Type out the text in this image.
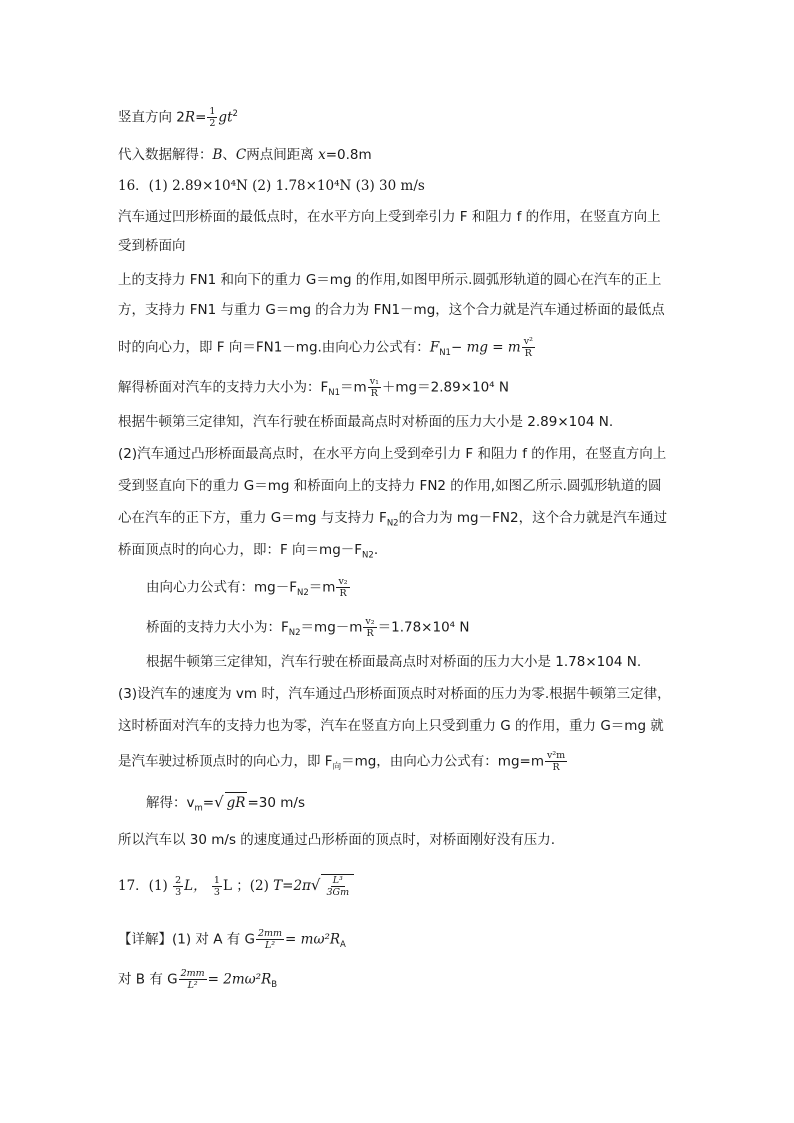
竖直方向 $2R= \frac{1}{2} gt^2$
代入数据解得：B、C两点间距离 x=0.8m
16．(1) 2.89×10⁴N (2) 1.78×10⁴N (3) 30 m/s
汽车通过凹形桥面的最低点时，在水平方向上受到牵引力 F 和阻力 f 的作用，在竖直方向上
受到桥面向
上的支持力 FN1 和向下的重力 G＝mg 的作用,如图甲所示.圆弧形轨道的圆心在汽车的正上
方，支持力 FN1 与重力 G＝mg 的合力为 FN1－mg，这个合力就是汽车通过桥面的最低点
时的向心力，即 F 向＝FN1－mg.由向心力公式有：$F_{N1}-$ mg = m $\frac{\text{v²}}{R}$
解得桥面对汽车的支持力大小为：$F_{N1}=m \frac{\text{v₁}}{R} +mg=2.89\times 10^4$ N
根据牛顿第三定律知，汽车行驶在桥面最高点时对桥面的压力大小是 2.89×104 N.
(2)汽车通过凸形桥面最高点时，在水平方向上受到牵引力 F 和阻力 f 的作用，在竖直方向上
受到竖直向下的重力 G＝mg 和桥面向上的支持力 FN2 的作用,如图乙所示.圆弧形轨道的圆
心在汽车的正下方，重力 G＝mg 与支持力 $F_{N2}$的合力为 mg－FN2，这个合力就是汽车通过
桥面顶点时的向心力，即：F 向$=mg-F_{N2}$.
由向心力公式有：$mg-F_{N2}=m \frac{\text{v₂}}{R}$
桥面的支持力大小为：$F_{N2}=mg-m \frac{\text{v₂}}{R} =1.78\times 10^4$ N
根据牛顿第三定律知，汽车行驶在桥面最高点时对桥面的压力大小是 1.78×104 N.
(3)设汽车的速度为 vm 时，汽车通过凸形桥面顶点时对桥面的压力为零.根据牛顿第三定律，
这时桥面对汽车的支持力也为零，汽车在竖直方向上只受到重力 G 的作用，重力 G＝mg 就
是汽车驶过桥顶点时的向心力，即 $F_向=mg$，由向心力公式有：$mg=m \frac{\text{v²m}}{R}$
解得：$v_m=√$ gR =30 m/s
所以汽车以 30 m/s 的速度通过凸形桥面的顶点时，对桥面刚好没有压力.
17．$(1) \frac{2}{3}$ L， $\frac{1}{3}$ L ；(2) $T=2\pi√ \frac{\text{L³}}{3Gm}$
【详解】(1) 对 A 有 G $\frac{2mm}{\text{L²}} = m\omega^2R_A$
对 B 有 G $\frac{2mm}{\text{L²}} = 2m\omega^2R_B$
